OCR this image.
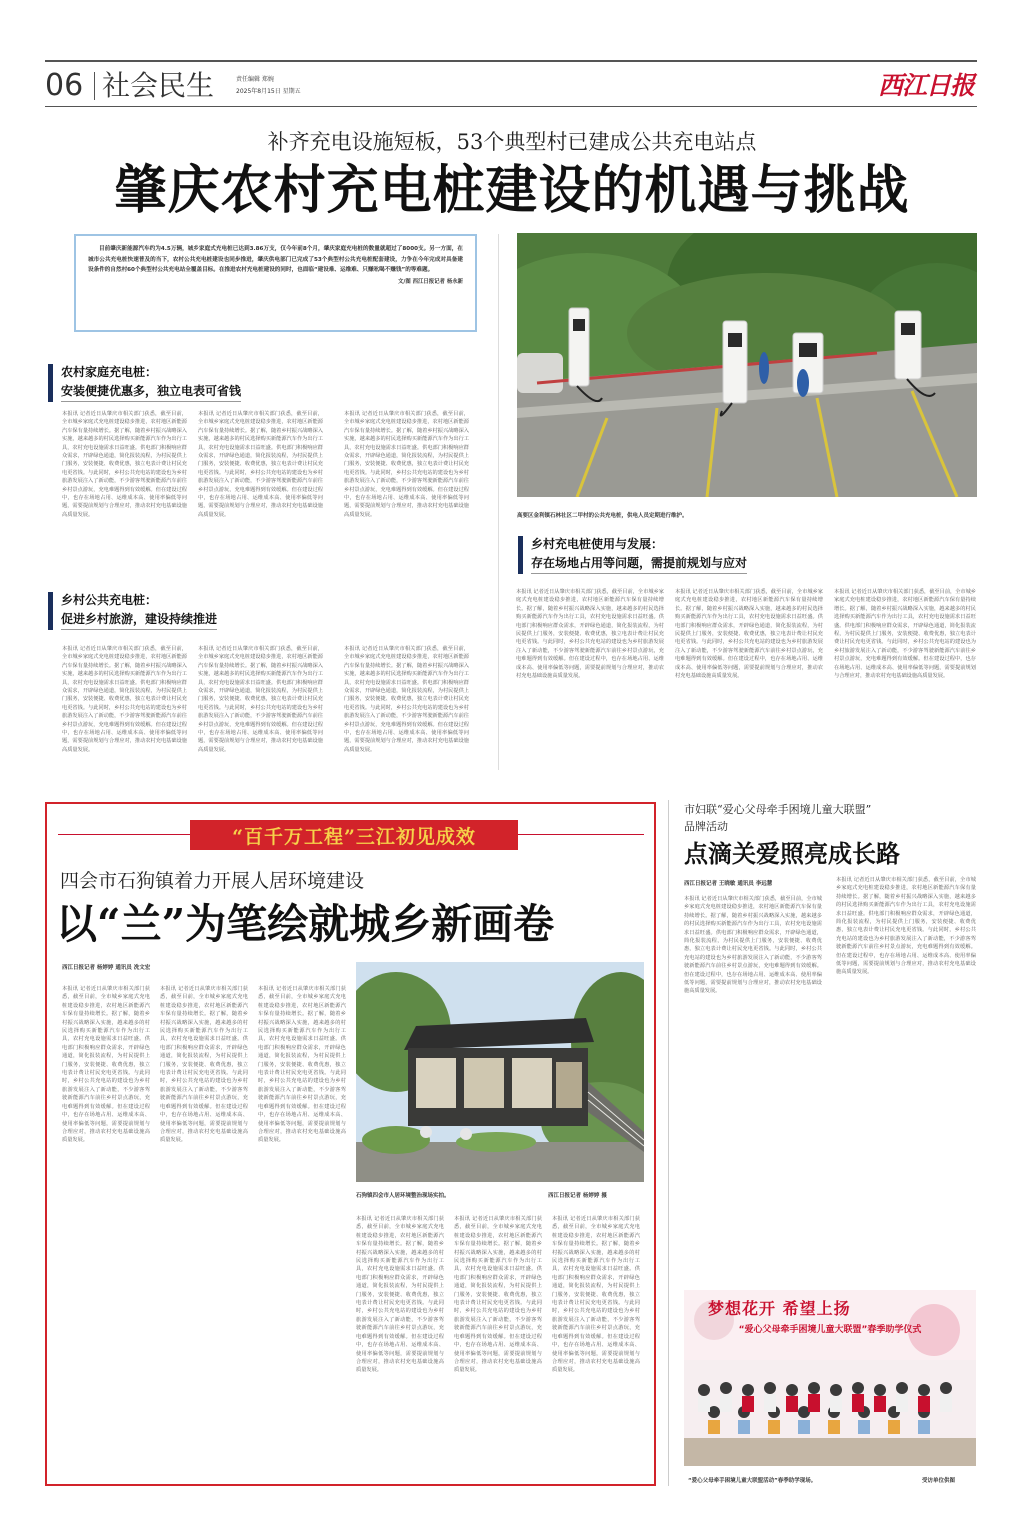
06 社会民生	责任编辑 郑婉
2025年8月15日 星期五	西江日报
补齐充电设施短板，53个典型村已建成公共充电站点
肇庆农村充电桩建设的机遇与挑战
目前肇庆新能源汽车约为4.5万辆，城乡家庭式充电桩已达到3.86万支，仅今年前8个月，肇庆家庭充电桩的数量就超过了8000支。另一方面，在城市公共充电桩快速普及的当下，农村公共充电桩建设也同步推进，肇庆供电部门已完成了53个典型村公共充电桩配套建设，力争在今年完成对具备建设条件的自然村60个典型村公共充电站全覆盖目标。在推进农村充电桩建设的同时，也面临“建设难、运维难、只赚吆喝不赚钱”的等难题。
文/图 西江日报记者 杨永新
高要区金利镇石林社区二甲村的公共充电桩，供电人员定期进行维护。
农村家庭充电桩：
安装便捷优惠多，独立电表可省钱
乡村公共充电桩：
促进乡村旅游，建设持续推进
乡村充电桩使用与发展：
存在场地占用等问题，需提前规划与应对
本报讯 记者近日从肇庆市相关部门获悉，截至目前，全市城乡家庭式充电桩建设稳步推进，农村地区新能源汽车保有量持续增长。据了解，随着乡村振兴战略深入实施，越来越多的村民选择购买新能源汽车作为出行工具，农村充电设施需求日益旺盛。供电部门积极响应群众需求，开辟绿色通道，简化报装流程，为村民提供上门服务，安装便捷、收费优惠，独立电表计费让村民充电更省钱。与此同时，乡村公共充电站的建设也为乡村旅游发展注入了新动能，不少游客驾驶新能源汽车前往乡村景点游玩，充电难题得到有效缓解。但在建设过程中，也存在场地占用、运维成本高、使用率偏低等问题，需要提前规划与合理应对，推动农村充电基础设施高质量发展。
本报讯 记者近日从肇庆市相关部门获悉，截至目前，全市城乡家庭式充电桩建设稳步推进，农村地区新能源汽车保有量持续增长。据了解，随着乡村振兴战略深入实施，越来越多的村民选择购买新能源汽车作为出行工具，农村充电设施需求日益旺盛。供电部门积极响应群众需求，开辟绿色通道，简化报装流程，为村民提供上门服务，安装便捷、收费优惠，独立电表计费让村民充电更省钱。与此同时，乡村公共充电站的建设也为乡村旅游发展注入了新动能，不少游客驾驶新能源汽车前往乡村景点游玩，充电难题得到有效缓解。但在建设过程中，也存在场地占用、运维成本高、使用率偏低等问题，需要提前规划与合理应对，推动农村充电基础设施高质量发展。
本报讯 记者近日从肇庆市相关部门获悉，截至目前，全市城乡家庭式充电桩建设稳步推进，农村地区新能源汽车保有量持续增长。据了解，随着乡村振兴战略深入实施，越来越多的村民选择购买新能源汽车作为出行工具，农村充电设施需求日益旺盛。供电部门积极响应群众需求，开辟绿色通道，简化报装流程，为村民提供上门服务，安装便捷、收费优惠，独立电表计费让村民充电更省钱。与此同时，乡村公共充电站的建设也为乡村旅游发展注入了新动能，不少游客驾驶新能源汽车前往乡村景点游玩，充电难题得到有效缓解。但在建设过程中，也存在场地占用、运维成本高、使用率偏低等问题，需要提前规划与合理应对，推动农村充电基础设施高质量发展。
本报讯 记者近日从肇庆市相关部门获悉，截至目前，全市城乡家庭式充电桩建设稳步推进，农村地区新能源汽车保有量持续增长。据了解，随着乡村振兴战略深入实施，越来越多的村民选择购买新能源汽车作为出行工具，农村充电设施需求日益旺盛。供电部门积极响应群众需求，开辟绿色通道，简化报装流程，为村民提供上门服务，安装便捷、收费优惠，独立电表计费让村民充电更省钱。与此同时，乡村公共充电站的建设也为乡村旅游发展注入了新动能，不少游客驾驶新能源汽车前往乡村景点游玩，充电难题得到有效缓解。但在建设过程中，也存在场地占用、运维成本高、使用率偏低等问题，需要提前规划与合理应对，推动农村充电基础设施高质量发展。
本报讯 记者近日从肇庆市相关部门获悉，截至目前，全市城乡家庭式充电桩建设稳步推进，农村地区新能源汽车保有量持续增长。据了解，随着乡村振兴战略深入实施，越来越多的村民选择购买新能源汽车作为出行工具，农村充电设施需求日益旺盛。供电部门积极响应群众需求，开辟绿色通道，简化报装流程，为村民提供上门服务，安装便捷、收费优惠，独立电表计费让村民充电更省钱。与此同时，乡村公共充电站的建设也为乡村旅游发展注入了新动能，不少游客驾驶新能源汽车前往乡村景点游玩，充电难题得到有效缓解。但在建设过程中，也存在场地占用、运维成本高、使用率偏低等问题，需要提前规划与合理应对，推动农村充电基础设施高质量发展。
本报讯 记者近日从肇庆市相关部门获悉，截至目前，全市城乡家庭式充电桩建设稳步推进，农村地区新能源汽车保有量持续增长。据了解，随着乡村振兴战略深入实施，越来越多的村民选择购买新能源汽车作为出行工具，农村充电设施需求日益旺盛。供电部门积极响应群众需求，开辟绿色通道，简化报装流程，为村民提供上门服务，安装便捷、收费优惠，独立电表计费让村民充电更省钱。与此同时，乡村公共充电站的建设也为乡村旅游发展注入了新动能，不少游客驾驶新能源汽车前往乡村景点游玩，充电难题得到有效缓解。但在建设过程中，也存在场地占用、运维成本高、使用率偏低等问题，需要提前规划与合理应对，推动农村充电基础设施高质量发展。
本报讯 记者近日从肇庆市相关部门获悉，截至目前，全市城乡家庭式充电桩建设稳步推进，农村地区新能源汽车保有量持续增长。据了解，随着乡村振兴战略深入实施，越来越多的村民选择购买新能源汽车作为出行工具，农村充电设施需求日益旺盛。供电部门积极响应群众需求，开辟绿色通道，简化报装流程，为村民提供上门服务，安装便捷、收费优惠，独立电表计费让村民充电更省钱。与此同时，乡村公共充电站的建设也为乡村旅游发展注入了新动能，不少游客驾驶新能源汽车前往乡村景点游玩，充电难题得到有效缓解。但在建设过程中，也存在场地占用、运维成本高、使用率偏低等问题，需要提前规划与合理应对，推动农村充电基础设施高质量发展。
本报讯 记者近日从肇庆市相关部门获悉，截至目前，全市城乡家庭式充电桩建设稳步推进，农村地区新能源汽车保有量持续增长。据了解，随着乡村振兴战略深入实施，越来越多的村民选择购买新能源汽车作为出行工具，农村充电设施需求日益旺盛。供电部门积极响应群众需求，开辟绿色通道，简化报装流程，为村民提供上门服务，安装便捷、收费优惠，独立电表计费让村民充电更省钱。与此同时，乡村公共充电站的建设也为乡村旅游发展注入了新动能，不少游客驾驶新能源汽车前往乡村景点游玩，充电难题得到有效缓解。但在建设过程中，也存在场地占用、运维成本高、使用率偏低等问题，需要提前规划与合理应对，推动农村充电基础设施高质量发展。
本报讯 记者近日从肇庆市相关部门获悉，截至目前，全市城乡家庭式充电桩建设稳步推进，农村地区新能源汽车保有量持续增长。据了解，随着乡村振兴战略深入实施，越来越多的村民选择购买新能源汽车作为出行工具，农村充电设施需求日益旺盛。供电部门积极响应群众需求，开辟绿色通道，简化报装流程，为村民提供上门服务，安装便捷、收费优惠，独立电表计费让村民充电更省钱。与此同时，乡村公共充电站的建设也为乡村旅游发展注入了新动能，不少游客驾驶新能源汽车前往乡村景点游玩，充电难题得到有效缓解。但在建设过程中，也存在场地占用、运维成本高、使用率偏低等问题，需要提前规划与合理应对，推动农村充电基础设施高质量发展。
“百千万工程”三江初见成效
四会市石狗镇着力开展人居环境建设
以“兰”为笔绘就城乡新画卷
西江日报记者 杨婷婷 通讯员 冼文宏
石狗镇四会市人居环境整治现场实拍。	西江日报记者 杨婷婷 摄
本报讯 记者近日从肇庆市相关部门获悉，截至目前，全市城乡家庭式充电桩建设稳步推进，农村地区新能源汽车保有量持续增长。据了解，随着乡村振兴战略深入实施，越来越多的村民选择购买新能源汽车作为出行工具，农村充电设施需求日益旺盛。供电部门积极响应群众需求，开辟绿色通道，简化报装流程，为村民提供上门服务，安装便捷、收费优惠，独立电表计费让村民充电更省钱。与此同时，乡村公共充电站的建设也为乡村旅游发展注入了新动能，不少游客驾驶新能源汽车前往乡村景点游玩，充电难题得到有效缓解。但在建设过程中，也存在场地占用、运维成本高、使用率偏低等问题，需要提前规划与合理应对，推动农村充电基础设施高质量发展。
本报讯 记者近日从肇庆市相关部门获悉，截至目前，全市城乡家庭式充电桩建设稳步推进，农村地区新能源汽车保有量持续增长。据了解，随着乡村振兴战略深入实施，越来越多的村民选择购买新能源汽车作为出行工具，农村充电设施需求日益旺盛。供电部门积极响应群众需求，开辟绿色通道，简化报装流程，为村民提供上门服务，安装便捷、收费优惠，独立电表计费让村民充电更省钱。与此同时，乡村公共充电站的建设也为乡村旅游发展注入了新动能，不少游客驾驶新能源汽车前往乡村景点游玩，充电难题得到有效缓解。但在建设过程中，也存在场地占用、运维成本高、使用率偏低等问题，需要提前规划与合理应对，推动农村充电基础设施高质量发展。
本报讯 记者近日从肇庆市相关部门获悉，截至目前，全市城乡家庭式充电桩建设稳步推进，农村地区新能源汽车保有量持续增长。据了解，随着乡村振兴战略深入实施，越来越多的村民选择购买新能源汽车作为出行工具，农村充电设施需求日益旺盛。供电部门积极响应群众需求，开辟绿色通道，简化报装流程，为村民提供上门服务，安装便捷、收费优惠，独立电表计费让村民充电更省钱。与此同时，乡村公共充电站的建设也为乡村旅游发展注入了新动能，不少游客驾驶新能源汽车前往乡村景点游玩，充电难题得到有效缓解。但在建设过程中，也存在场地占用、运维成本高、使用率偏低等问题，需要提前规划与合理应对，推动农村充电基础设施高质量发展。
本报讯 记者近日从肇庆市相关部门获悉，截至目前，全市城乡家庭式充电桩建设稳步推进，农村地区新能源汽车保有量持续增长。据了解，随着乡村振兴战略深入实施，越来越多的村民选择购买新能源汽车作为出行工具，农村充电设施需求日益旺盛。供电部门积极响应群众需求，开辟绿色通道，简化报装流程，为村民提供上门服务，安装便捷、收费优惠，独立电表计费让村民充电更省钱。与此同时，乡村公共充电站的建设也为乡村旅游发展注入了新动能，不少游客驾驶新能源汽车前往乡村景点游玩，充电难题得到有效缓解。但在建设过程中，也存在场地占用、运维成本高、使用率偏低等问题，需要提前规划与合理应对，推动农村充电基础设施高质量发展。
本报讯 记者近日从肇庆市相关部门获悉，截至目前，全市城乡家庭式充电桩建设稳步推进，农村地区新能源汽车保有量持续增长。据了解，随着乡村振兴战略深入实施，越来越多的村民选择购买新能源汽车作为出行工具，农村充电设施需求日益旺盛。供电部门积极响应群众需求，开辟绿色通道，简化报装流程，为村民提供上门服务，安装便捷、收费优惠，独立电表计费让村民充电更省钱。与此同时，乡村公共充电站的建设也为乡村旅游发展注入了新动能，不少游客驾驶新能源汽车前往乡村景点游玩，充电难题得到有效缓解。但在建设过程中，也存在场地占用、运维成本高、使用率偏低等问题，需要提前规划与合理应对，推动农村充电基础设施高质量发展。
本报讯 记者近日从肇庆市相关部门获悉，截至目前，全市城乡家庭式充电桩建设稳步推进，农村地区新能源汽车保有量持续增长。据了解，随着乡村振兴战略深入实施，越来越多的村民选择购买新能源汽车作为出行工具，农村充电设施需求日益旺盛。供电部门积极响应群众需求，开辟绿色通道，简化报装流程，为村民提供上门服务，安装便捷、收费优惠，独立电表计费让村民充电更省钱。与此同时，乡村公共充电站的建设也为乡村旅游发展注入了新动能，不少游客驾驶新能源汽车前往乡村景点游玩，充电难题得到有效缓解。但在建设过程中，也存在场地占用、运维成本高、使用率偏低等问题，需要提前规划与合理应对，推动农村充电基础设施高质量发展。
市妇联“爱心父母牵手困境儿童大联盟”
品牌活动
点滴关爱照亮成长路
西江日报记者 王晓敏 通讯员 李远慧
本报讯 记者近日从肇庆市相关部门获悉，截至目前，全市城乡家庭式充电桩建设稳步推进，农村地区新能源汽车保有量持续增长。据了解，随着乡村振兴战略深入实施，越来越多的村民选择购买新能源汽车作为出行工具，农村充电设施需求日益旺盛。供电部门积极响应群众需求，开辟绿色通道，简化报装流程，为村民提供上门服务，安装便捷、收费优惠，独立电表计费让村民充电更省钱。与此同时，乡村公共充电站的建设也为乡村旅游发展注入了新动能，不少游客驾驶新能源汽车前往乡村景点游玩，充电难题得到有效缓解。但在建设过程中，也存在场地占用、运维成本高、使用率偏低等问题，需要提前规划与合理应对，推动农村充电基础设施高质量发展。
本报讯 记者近日从肇庆市相关部门获悉，截至目前，全市城乡家庭式充电桩建设稳步推进，农村地区新能源汽车保有量持续增长。据了解，随着乡村振兴战略深入实施，越来越多的村民选择购买新能源汽车作为出行工具，农村充电设施需求日益旺盛。供电部门积极响应群众需求，开辟绿色通道，简化报装流程，为村民提供上门服务，安装便捷、收费优惠，独立电表计费让村民充电更省钱。与此同时，乡村公共充电站的建设也为乡村旅游发展注入了新动能，不少游客驾驶新能源汽车前往乡村景点游玩，充电难题得到有效缓解。但在建设过程中，也存在场地占用、运维成本高、使用率偏低等问题，需要提前规划与合理应对，推动农村充电基础设施高质量发展。
梦想花开 希望上扬
“爱心父母牵手困境儿童大联盟”春季助学仪式
“爱心父母牵手困境儿童大联盟活动”春季助学现场。	受访单位供图
